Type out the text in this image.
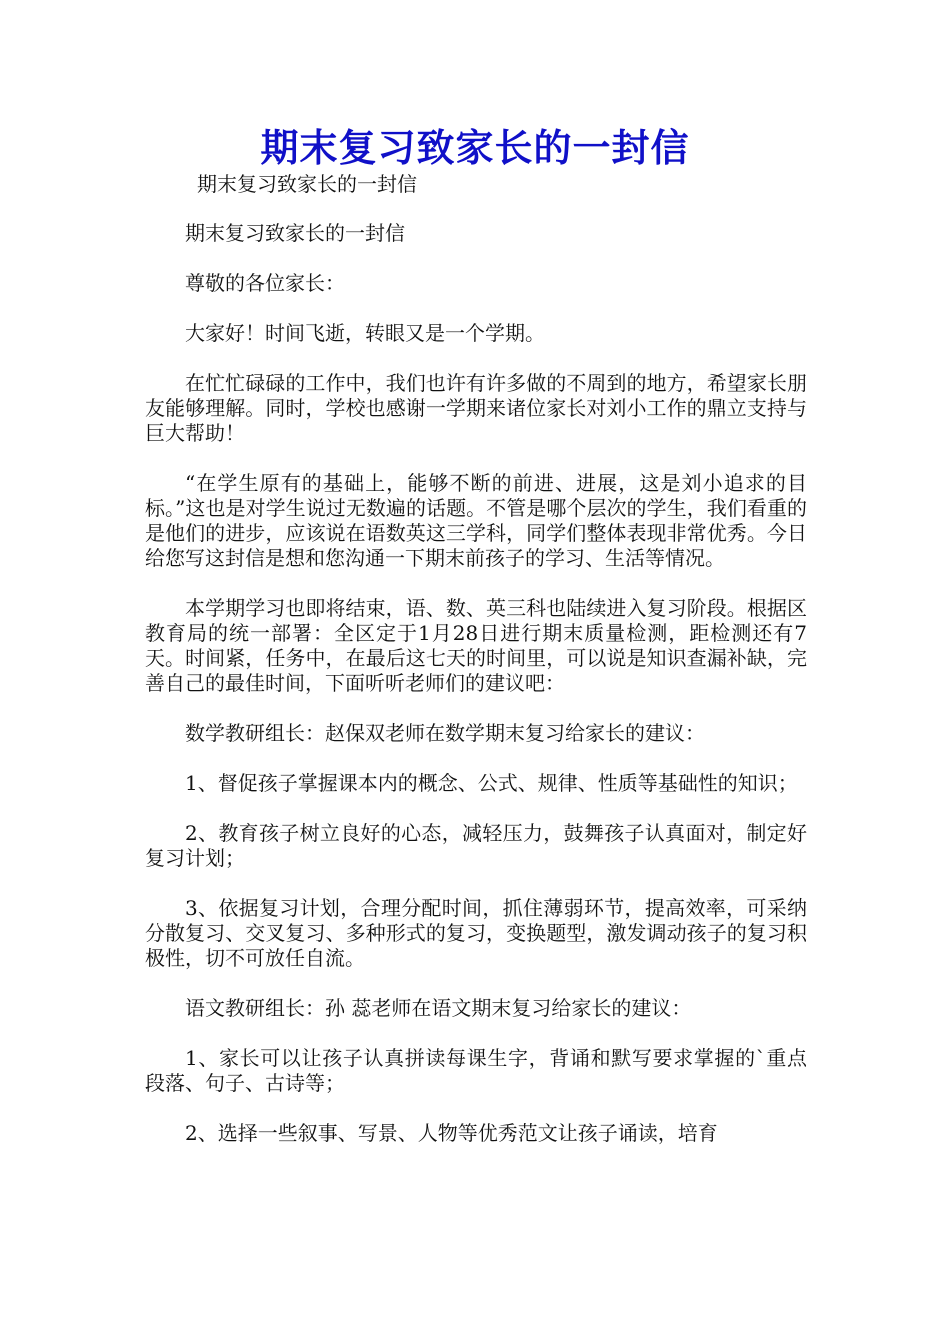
期末复习致家长的一封信

期末复习致家长的一封信

期末复习致家长的一封信

尊敬的各位家长：

大家好！时间飞逝，转眼又是一个学期。

在忙忙碌碌的工作中，我们也许有许多做的不周到的地方，希望家长朋友能够理解。同时，学校也感谢一学期来诸位家长对刘小工作的鼎立支持与巨大帮助！

“在学生原有的基础上，能够不断的前进、进展，这是刘小追求的目标。”这也是对学生说过无数遍的话题。不管是哪个层次的学生，我们看重的是他们的进步，应该说在语数英这三学科，同学们整体表现非常优秀。今日给您写这封信是想和您沟通一下期末前孩子的学习、生活等情况。

本学期学习也即将结束，语、数、英三科也陆续进入复习阶段。根据区教育局的统一部署：全区定于1月28日进行期末质量检测，距检测还有7天。时间紧，任务中，在最后这七天的时间里，可以说是知识查漏补缺，完善自己的最佳时间，下面听听老师们的建议吧：

数学教研组长：赵保双老师在数学期末复习给家长的建议：

1、督促孩子掌握课本内的概念、公式、规律、性质等基础性的知识；

2、教育孩子树立良好的心态，减轻压力，鼓舞孩子认真面对，制定好复习计划；

3、依据复习计划，合理分配时间，抓住薄弱环节，提高效率，可采纳分散复习、交叉复习、多种形式的复习，变换题型，激发调动孩子的复习积极性，切不可放任自流。

语文教研组长：孙 蕊老师在语文期末复习给家长的建议：

1、家长可以让孩子认真拼读每课生字，背诵和默写要求掌握的`重点段落、句子、古诗等；

2、选择一些叙事、写景、人物等优秀范文让孩子诵读，培育
